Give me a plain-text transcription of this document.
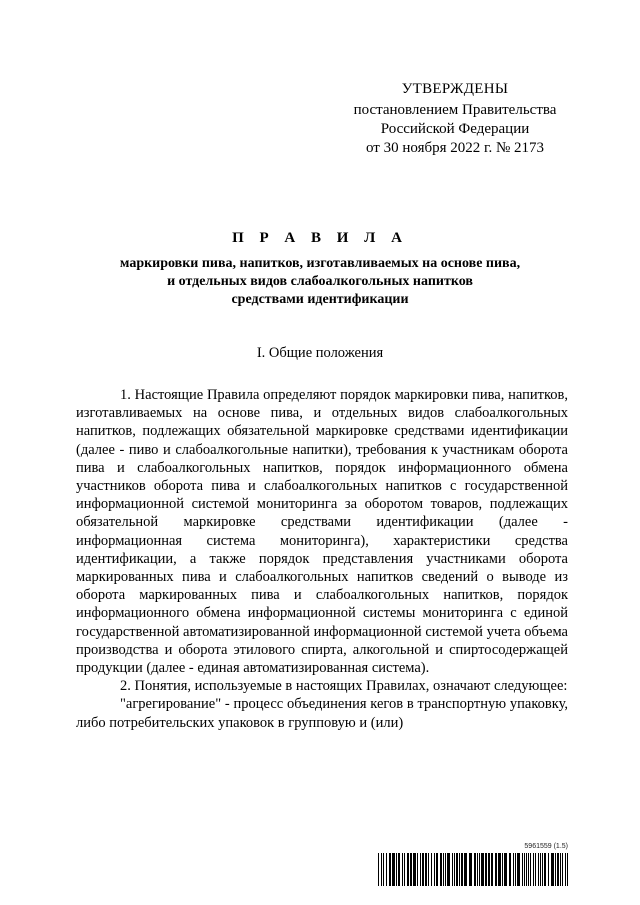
УТВЕРЖДЕНЫ
постановлением Правительства
Российской Федерации
от 30 ноября 2022 г. № 2173
П Р А В И Л А
маркировки пива, напитков, изготавливаемых на основе пива,
и отдельных видов слабоалкогольных напитков
средствами идентификации
I. Общие положения

1. Настоящие Правила определяют порядок маркировки пива, напитков, изготавливаемых на основе пива, и отдельных видов слабоалкогольных напитков, подлежащих обязательной маркировке средствами идентификации (далее - пиво и слабоалкогольные напитки), требования к участникам оборота пива и слабоалкогольных напитков, порядок информационного обмена участников оборота пива и слабоалкогольных напитков с государственной информационной системой мониторинга за оборотом товаров, подлежащих обязательной маркировке средствами идентификации (далее - информационная система мониторинга), характеристики средства идентификации, а также порядок представления участниками оборота маркированных пива и слабоалкогольных напитков сведений о выводе из оборота маркированных пива и слабоалкогольных напитков, порядок информационного обмена информационной системы мониторинга с единой государственной автоматизированной информационной системой учета объема производства и оборота этилового спирта, алкогольной и спиртосодержащей продукции (далее - единая автоматизированная система).

2. Понятия, используемые в настоящих Правилах, означают следующее:

"агрегирование" - процесс объединения кегов в транспортную упаковку, либо потребительских упаковок в групповую и (или)

5961559 (1.5)
